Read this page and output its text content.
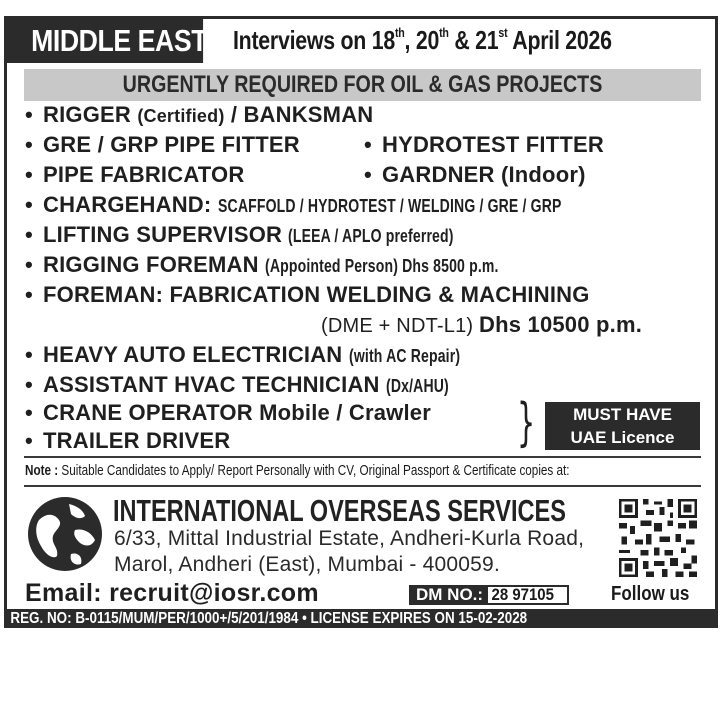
MIDDLE EAST Interviews on 18th, 20th & 21st April 2026
URGENTLY REQUIRED FOR OIL & GAS PROJECTS
• RIGGER (Certified) / BANKSMAN
• GRE / GRP PIPE FITTER	• HYDROTEST FITTER
• PIPE FABRICATOR	• GARDNER (Indoor)
• CHARGEHAND: SCAFFOLD / HYDROTEST / WELDING / GRE / GRP
• LIFTING SUPERVISOR (LEEA / APLO preferred)
• RIGGING FOREMAN (Appointed Person) Dhs 8500 p.m.
• FOREMAN: FABRICATION WELDING & MACHINING
(DME + NDT-L1) Dhs 10500 p.m.
• HEAVY AUTO ELECTRICIAN (with AC Repair)
• ASSISTANT HVAC TECHNICIAN (Dx/AHU)
• CRANE OPERATOR Mobile / Crawler
• TRAILER DRIVER	}	MUST HAVE
UAE Licence
Note : Suitable Candidates to Apply/ Report Personally with CV, Original Passport & Certificate copies at:
INTERNATIONAL OVERSEAS SERVICES
6/33, Mittal Industrial Estate, Andheri-Kurla Road,
Marol, Andheri (East), Mumbai - 400059.
Email: recruit@iosr.com	DM NO.: 28 97105	Follow us
REG. NO: B-0115/MUM/PER/1000+/5/201/1984 • LICENSE EXPIRES ON 15-02-2028
